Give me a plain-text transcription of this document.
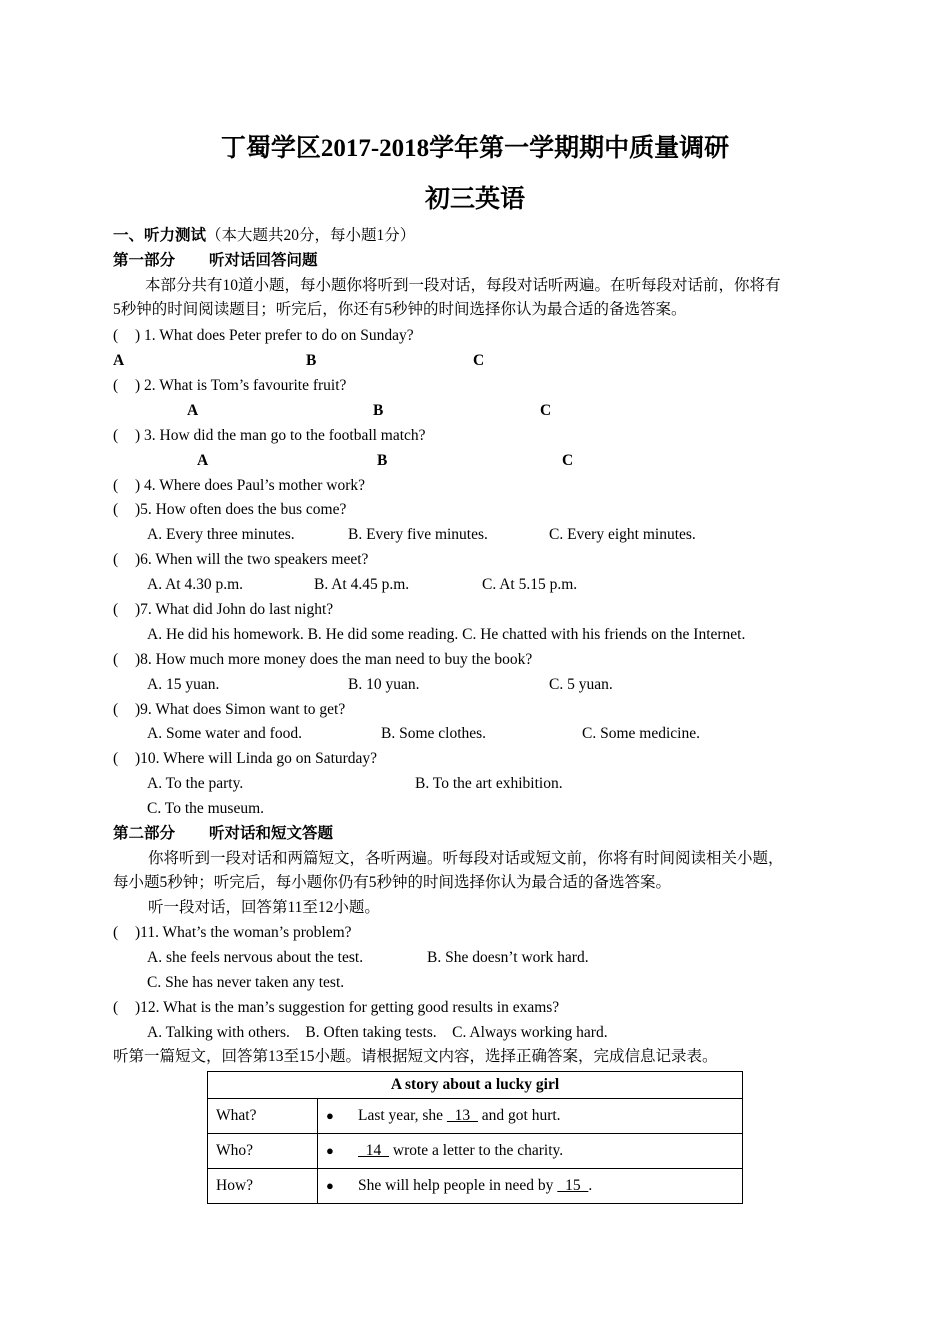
丁蜀学区2017-2018学年第一学期期中质量调研
初三英语
一、听力测试（本大题共20分，每小题1分）
第一部分 听对话回答问题
本部分共有10道小题，每小题你将听到一段对话，每段对话听两遍。在听每段对话前，你将有
5秒钟的时间阅读题目；听完后，你还有5秒钟的时间选择你认为最合适的备选答案。
( ) 1. What does Peter prefer to do on Sunday?
A	B	C
( ) 2. What is Tom’s favourite fruit?
A	B	C
( ) 3. How did the man go to the football match?
A	B	C
( ) 4. Where does Paul’s mother work?
( )5. How often does the bus come?
A. Every three minutes.	B. Every five minutes.	C. Every eight minutes.
( )6. When will the two speakers meet?
A. At 4.30 p.m.	B. At 4.45 p.m.	C. At 5.15 p.m.
( )7. What did John do last night?
A. He did his homework. B. He did some reading. C. He chatted with his friends on the Internet.
( )8. How much more money does the man need to buy the book?
A. 15 yuan.	B. 10 yuan.	C. 5 yuan.
( )9. What does Simon want to get?
A. Some water and food.	B. Some clothes.	C. Some medicine.
( )10. Where will Linda go on Saturday?
A. To the party.	B. To the art exhibition.
C. To the museum.
第二部分 听对话和短文答题
你将听到一段对话和两篇短文，各听两遍。听每段对话或短文前，你将有时间阅读相关小题，
每小题5秒钟；听完后，每小题你仍有5秒钟的时间选择你认为最合适的备选答案。
听一段对话，回答第11至12小题。
( )11. What’s the woman’s problem?
A. she feels nervous about the test.	B. She doesn’t work hard.
C. She has never taken any test.
( )12. What is the man’s suggestion for getting good results in exams?
A. Talking with others.    B. Often taking tests.    C. Always working hard.
听第一篇短文，回答第13至15小题。请根据短文内容，选择正确答案，完成信息记录表。
A story about a lucky girl	
What?	● Last year, she   13   and got hurt.
Who?	●  14   wrote a letter to the charity.
How?	● She will help people in need by   15  .
